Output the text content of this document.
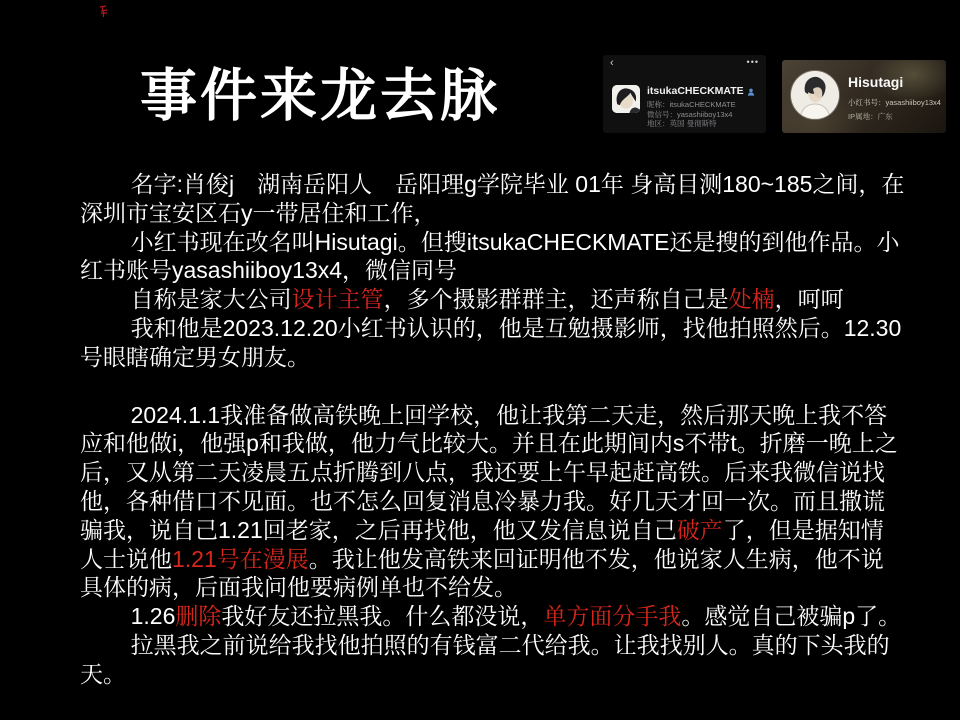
事件来龙去脉
‹	•••
itsukaCHECKMATE
昵称：itsukaCHECKMATE
微信号：yasashiiboy13x4
地区：英国 曼彻斯特
Hisutagi
小红书号：yasashiiboy13x4
IP属地：广东

名字:肖俊j　湖南岳阳人　岳阳理g学院毕业 01年 身高目测180~185之间，在深圳市宝安区石y一带居住和工作，

小红书现在改名叫Hisutagi。但搜itsukaCHECKMATE还是搜的到他作品。小红书账号yasashiiboy13x4，微信同号

自称是家大公司设计主管，多个摄影群群主，还声称自己是处楠，呵呵

我和他是2023.12.20小红书认识的，他是互勉摄影师，找他拍照然后。12.30号眼瞎确定男女朋友。

2024.1.1我准备做高铁晚上回学校，他让我第二天走，然后那天晚上我不答应和他做i，他强p和我做，他力气比较大。并且在此期间内s不带t。折磨一晚上之后，又从第二天凌晨五点折腾到八点，我还要上午早起赶高铁。后来我微信说找他，各种借口不见面。也不怎么回复消息冷暴力我。好几天才回一次。而且撒谎骗我，说自己1.21回老家，之后再找他，他又发信息说自己破产了，但是据知情人士说他1.21号在漫展。我让他发高铁来回证明他不发，他说家人生病，他不说具体的病，后面我问他要病例单也不给发。

1.26删除我好友还拉黑我。什么都没说，单方面分手我。感觉自己被骗p了。

拉黑我之前说给我找他拍照的有钱富二代给我。让我找别人。真的下头我的天。
